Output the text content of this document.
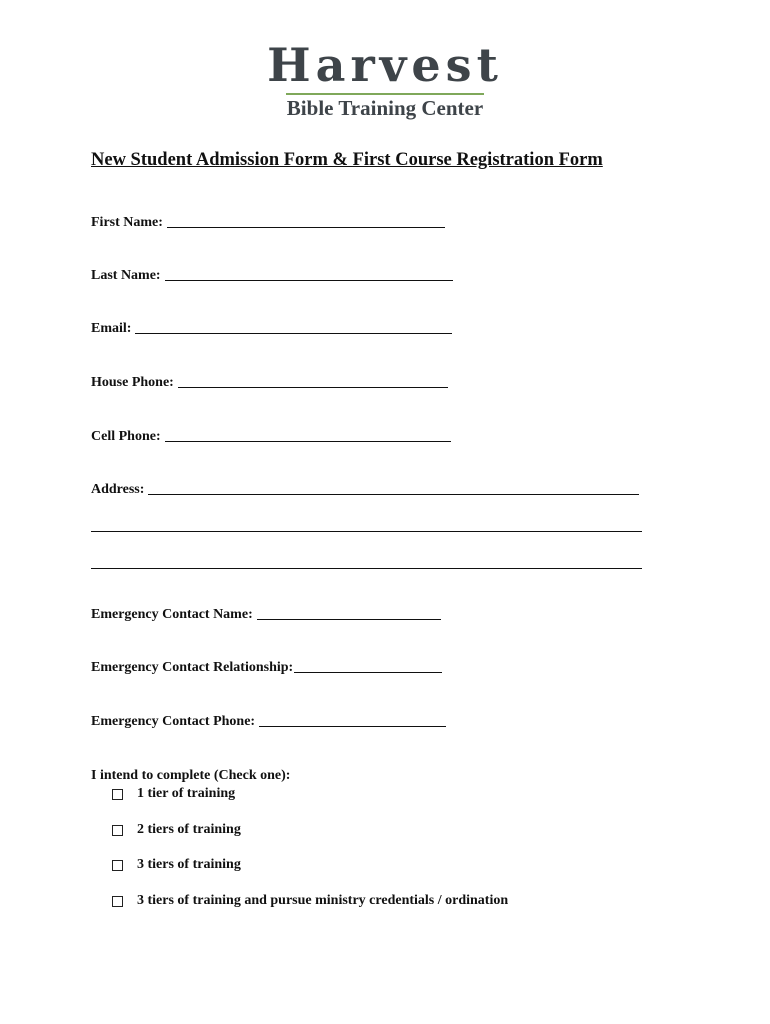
Harvest
Bible Training Center
New Student Admission Form & First Course Registration Form
First Name:
Last Name:
Email:
House Phone:
Cell Phone:
Address:
Emergency Contact Name:
Emergency Contact Relationship:
Emergency Contact Phone:
I intend to complete (Check one):
1 tier of training
2 tiers of training
3 tiers of training
3 tiers of training and pursue ministry credentials / ordination
